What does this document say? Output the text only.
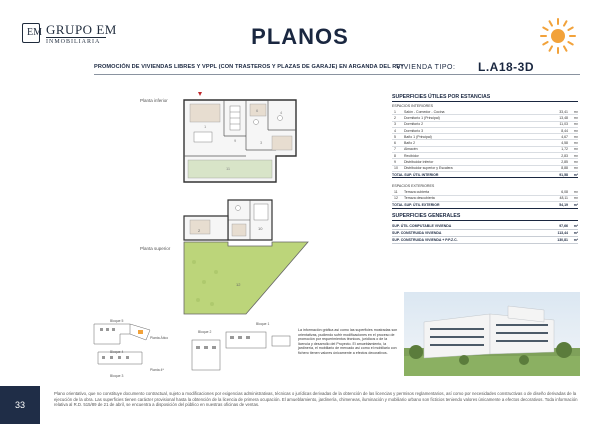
EM GRUPO EM
INMOBILIARIA	PLANOS
PROMOCIÓN DE VIVIENDAS LIBRES Y VPPL (CON TRASTEROS Y PLAZAS DE GARAJE) EN ARGANDA DEL REY
VIVIENDA TIPO: L.A18-3D
Planta inferior
1
6	4
9	3
11
Planta superior
12
2	10
SUPERFICIES ÚTILES POR ESTANCIAS
ESPACIOS INTERIORES
1	Salón - Comedor - Cocina	33,41	m²
2	Dormitorio 1 (Principal)	13,48	m²
3	Dormitorio 2	11,03	m²
4	Dormitorio 3	8,44	m²
5	Baño 1 (Principal)	4,67	m²
6	Baño 2	4,58	m²
7	Almacén	1,72	m²
8	Recibidor	2,83	m²
9	Distribuidor inferior	2,85	m²
10	Distribuidor superior y Escalera	8,88	m²
TOTAL SUP. ÚTIL INTERIOR	91,58	m²
ESPACIOS EXTERIORES
11	Terraza cubierta	6,08	m²
12	Terraza descubierta	48,11	m²
TOTAL SUP. ÚTIL EXTERIOR	54,19	m²
SUPERFICIES GENERALES
SUP. ÚTIL COMPUTABLE VIVIENDA	97,66	m²
SUP. CONSTRUIDA VIVIENDA	113,44	m²
SUP. CONSTRUIDA VIVIENDA + P.P.Z.C.	130,81	m²
Bloque 5
Planta Ático
Bloque 4
Planta 4ª
Bloque 2
Bloque 1
Bloque 3
La información gráfica así como las superficies mostradas son orientativas, pudiendo sufrir modificaciones en el proceso de promoción por requerimientos técnicos, jurídicos o de la licencia y desarrollo del Proyecto. El amueblamiento, la jardinería, el mobiliario de mercado así como el mobiliario con fichero tienen valores únicamente a efectos decorativos.
33
Plano orientativo, que no constituye documento contractual, sujeto a modificaciones por exigencias administrativas, técnicas o jurídicas derivadas de la obtención de las licencias y permisos reglamentarios, así como por necesidades constructivas o de diseño derivadas de la ejecución de la obra. Las superficies tienen carácter provisional hasta la obtención de la licencia de primera ocupación. El amueblamiento, jardinería, chimeneas, iluminación y mobiliario urbano son ficticios teniendo valores únicamente a efectos decorativos. Toda información relativa al R.D. 515/89 de 21 de abril, se encuentra a disposición del público en nuestras oficinas de ventas.
